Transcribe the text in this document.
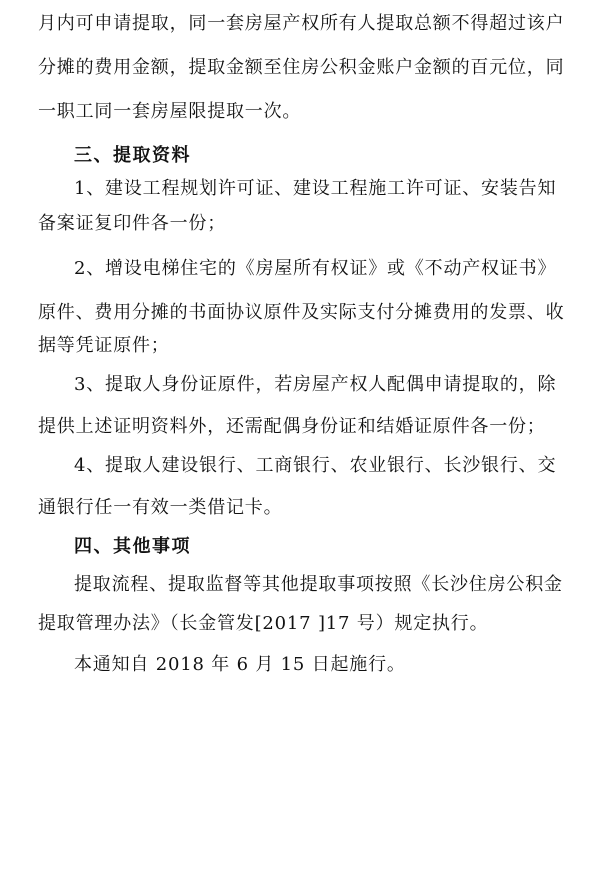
月内可申请提取，同一套房屋产权所有人提取总额不得超过该户
分摊的费用金额，提取金额至住房公积金账户金额的百元位，同
一职工同一套房屋限提取一次。
三、提取资料
1、建设工程规划许可证、建设工程施工许可证、安装告知
备案证复印件各一份；
2、增设电梯住宅的《房屋所有权证》或《不动产权证书》
原件、费用分摊的书面协议原件及实际支付分摊费用的发票、收
据等凭证原件；
3、提取人身份证原件，若房屋产权人配偶申请提取的，除
提供上述证明资料外，还需配偶身份证和结婚证原件各一份；
4、提取人建设银行、工商银行、农业银行、长沙银行、交
通银行任一有效一类借记卡。
四、其他事项
提取流程、提取监督等其他提取事项按照《长沙住房公积金
提取管理办法》（长金管发[2017 ]17 号）规定执行。
本通知自 2018 年 6 月 15 日起施行。
